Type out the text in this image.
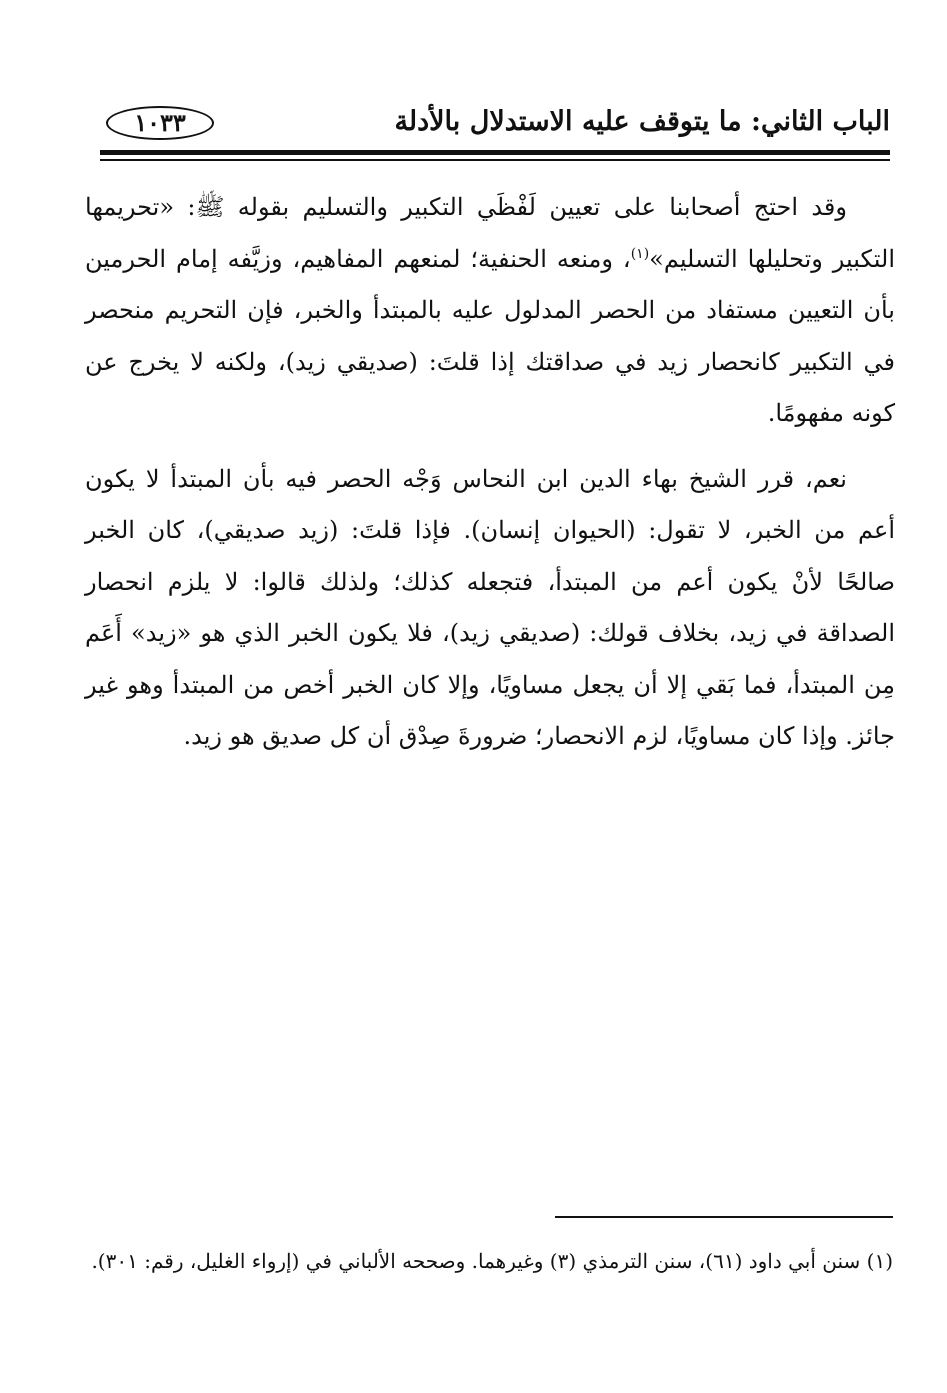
الباب الثاني: ما يتوقف عليه الاستدلال بالأدلة
١٠٣٣

وقد احتج أصحابنا على تعيين لَفْظَي التكبير والتسليم بقوله ﷺ: «تحريمها التكبير وتحليلها التسليم»$^{(١)}$، ومنعه الحنفية؛ لمنعهم المفاهيم، وزيَّفه إمام الحرمين بأن التعيين مستفاد من الحصر المدلول عليه بالمبتدأ والخبر، فإن التحريم منحصر في التكبير كانحصار زيد في صداقتك إذا قلتَ: (صديقي زيد)، ولكنه لا يخرج عن كونه مفهومًا.

نعم، قرر الشيخ بهاء الدين ابن النحاس وَجْه الحصر فيه بأن المبتدأ لا يكون أعم من الخبر، لا تقول: (الحيوان إنسان). فإذا قلتَ: (زيد صديقي)، كان الخبر صالحًا لأنْ يكون أعم من المبتدأ، فتجعله كذلك؛ ولذلك قالوا: لا يلزم انحصار الصداقة في زيد، بخلاف قولك: (صديقي زيد)، فلا يكون الخبر الذي هو «زيد» أَعَم مِن المبتدأ، فما بَقي إلا أن يجعل مساويًا، وإلا كان الخبر أخص من المبتدأ وهو غير جائز. وإذا كان مساويًا، لزم الانحصار؛ ضرورةَ صِدْق أن كل صديق هو زيد.

(١) سنن أبي داود (٦١)، سنن الترمذي (٣) وغيرهما. وصححه الألباني في (إرواء الغليل، رقم: ٣٠١).
